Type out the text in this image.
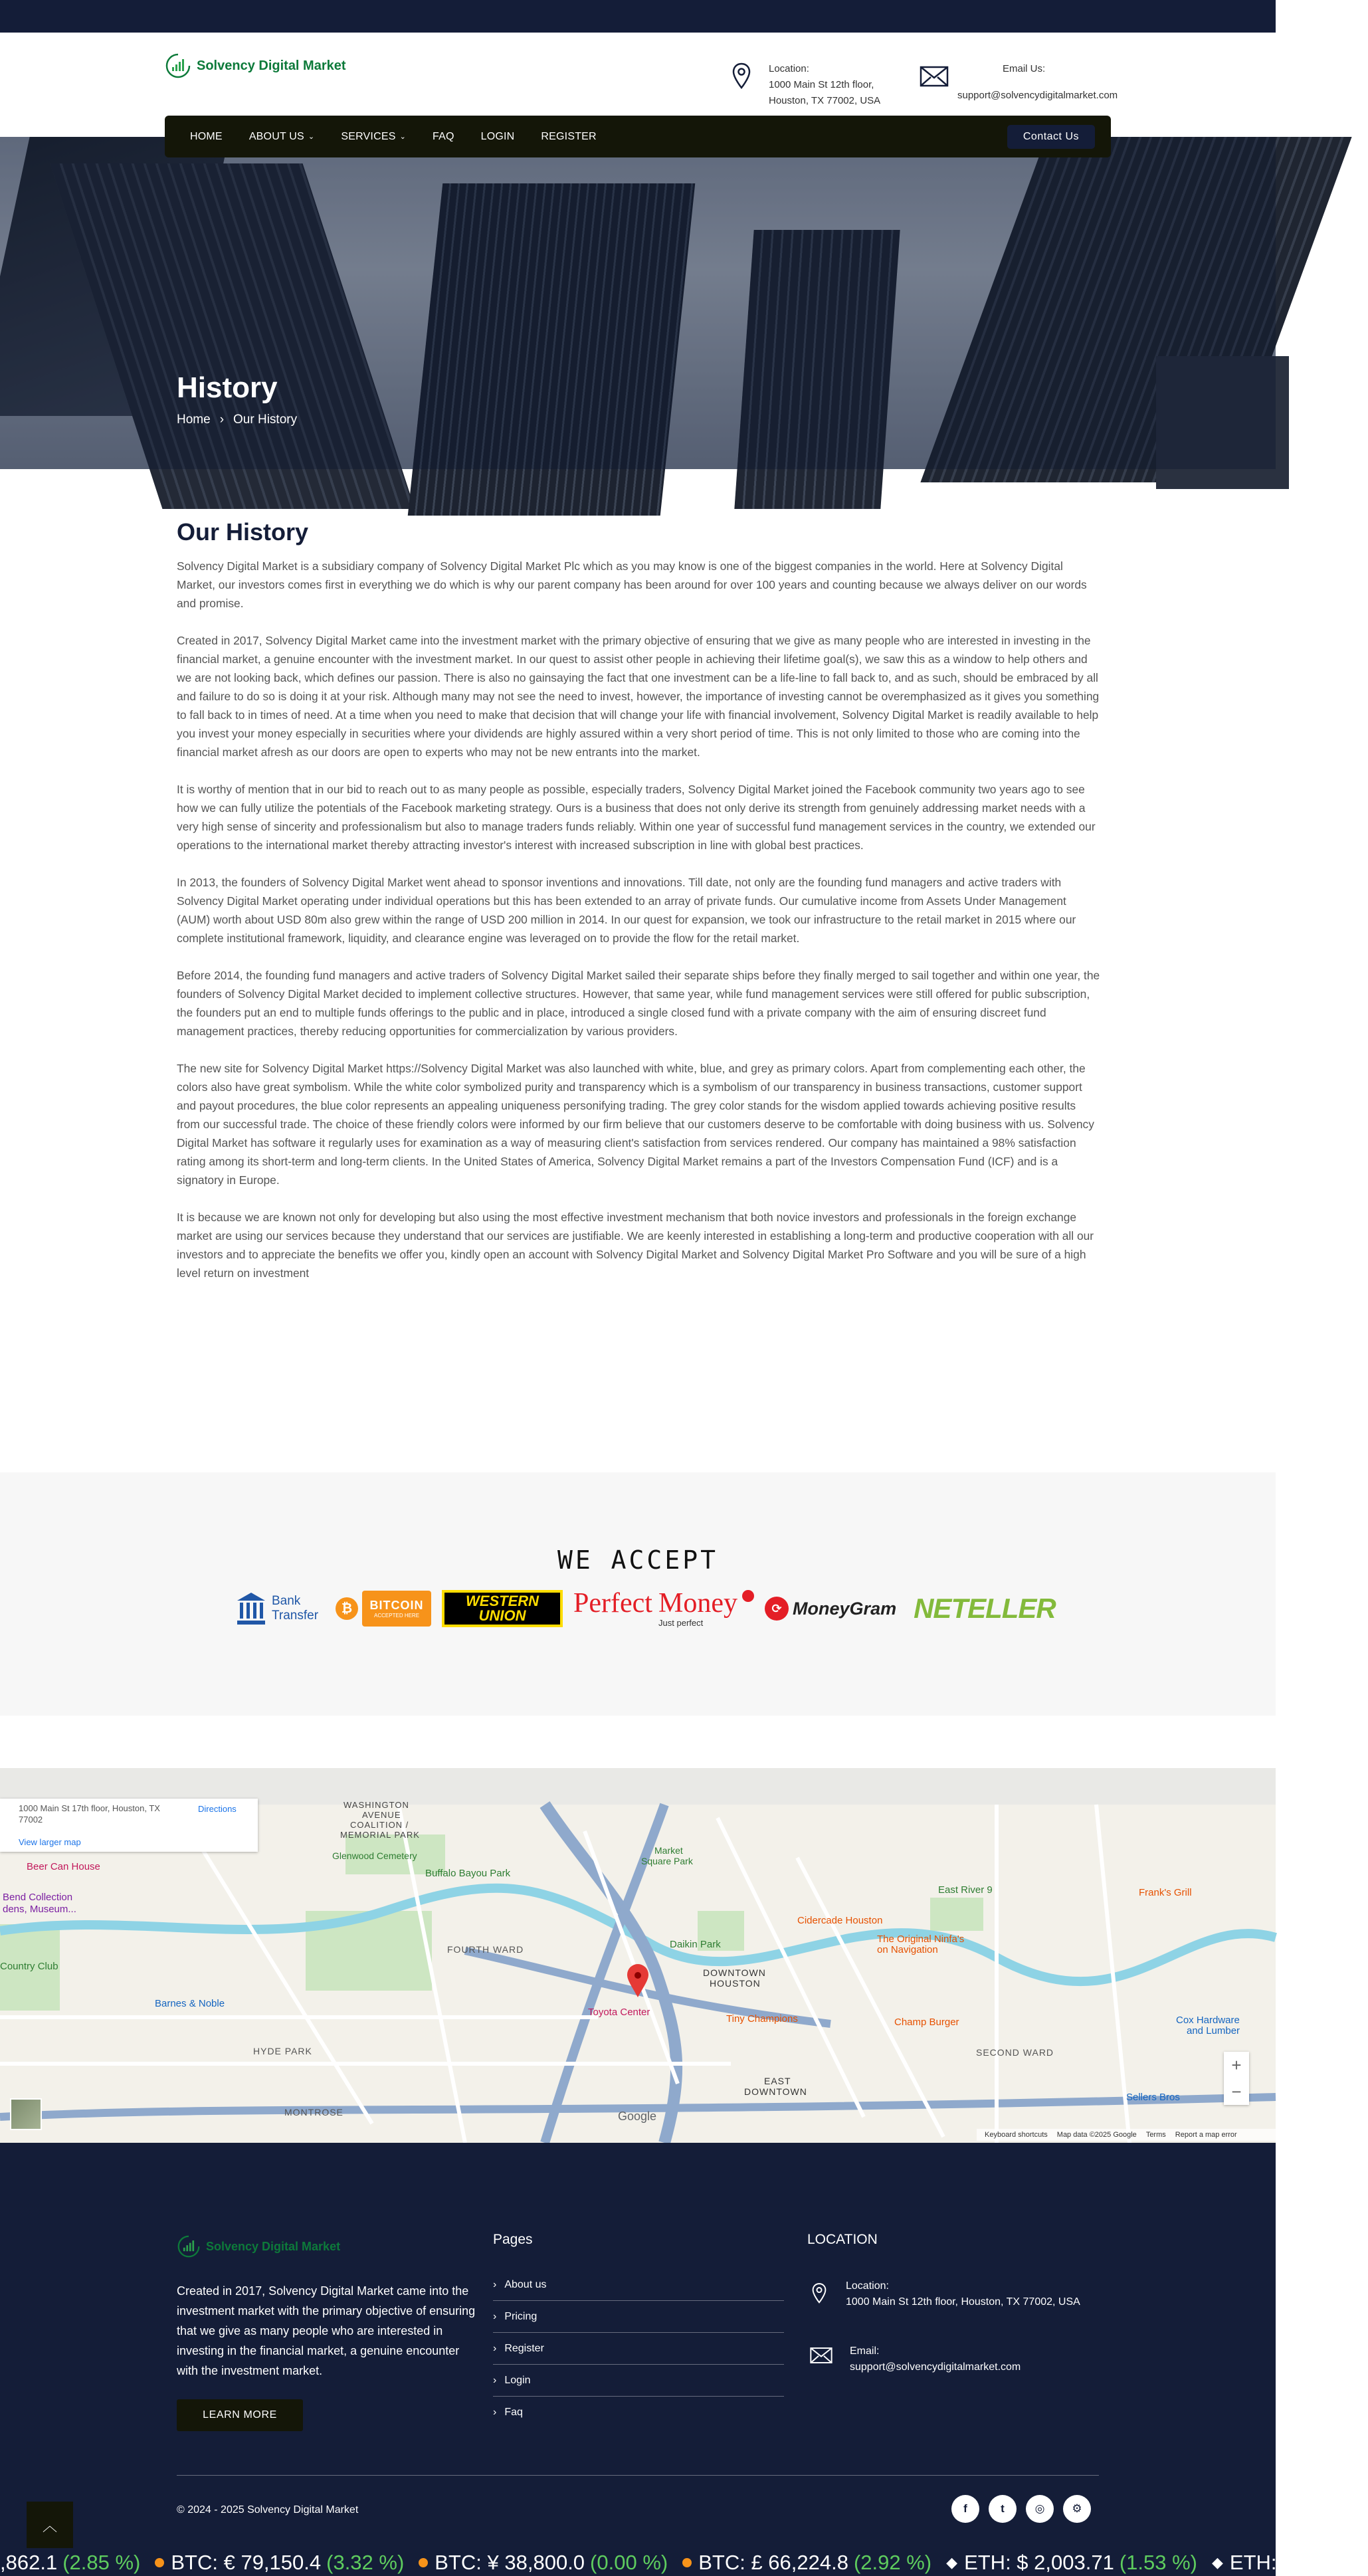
Solvency Digital Market	Location:
1000 Main St 12th floor,
Houston, TX 77002, USA
Email Us:
support@solvencydigitalmarket.com
HOME	ABOUT US ⌄	SERVICES ⌄	FAQ	LOGIN	REGISTER	Contact Us
History
Home › Our History
Our History

Solvency Digital Market is a subsidiary company of Solvency Digital Market Plc which as you may know is one of the biggest companies in the world. Here at Solvency Digital Market, our investors comes first in everything we do which is why our parent company has been around for over 100 years and counting because we always deliver on our words and promise.

Created in 2017, Solvency Digital Market came into the investment market with the primary objective of ensuring that we give as many people who are interested in investing in the financial market, a genuine encounter with the investment market. In our quest to assist other people in achieving their lifetime goal(s), we saw this as a window to help others and we are not looking back, which defines our passion. There is also no gainsaying the fact that one investment can be a life-line to fall back to, and as such, should be embraced by all and failure to do so is doing it at your risk. Although many may not see the need to invest, however, the importance of investing cannot be overemphasized as it gives you something to fall back to in times of need. At a time when you need to make that decision that will change your life with financial involvement, Solvency Digital Market is readily available to help you invest your money especially in securities where your dividends are highly assured within a very short period of time. This is not only limited to those who are coming into the financial market afresh as our doors are open to experts who may not be new entrants into the market.

It is worthy of mention that in our bid to reach out to as many people as possible, especially traders, Solvency Digital Market joined the Facebook community two years ago to see how we can fully utilize the potentials of the Facebook marketing strategy. Ours is a business that does not only derive its strength from genuinely addressing market needs with a very high sense of sincerity and professionalism but also to manage traders funds reliably. Within one year of successful fund management services in the country, we extended our operations to the international market thereby attracting investor's interest with increased subscription in line with global best practices.

In 2013, the founders of Solvency Digital Market went ahead to sponsor inventions and innovations. Till date, not only are the founding fund managers and active traders with Solvency Digital Market operating under individual operations but this has been extended to an array of private funds. Our cumulative income from Assets Under Management (AUM) worth about USD 80m also grew within the range of USD 200 million in 2014. In our quest for expansion, we took our infrastructure to the retail market in 2015 where our complete institutional framework, liquidity, and clearance engine was leveraged on to provide the flow for the retail market.

Before 2014, the founding fund managers and active traders of Solvency Digital Market sailed their separate ships before they finally merged to sail together and within one year, the founders of Solvency Digital Market decided to implement collective structures. However, that same year, while fund management services were still offered for public subscription, the founders put an end to multiple funds offerings to the public and in place, introduced a single closed fund with a private company with the aim of ensuring discreet fund management practices, thereby reducing opportunities for commercialization by various providers.

The new site for Solvency Digital Market https://Solvency Digital Market was also launched with white, blue, and grey as primary colors. Apart from complementing each other, the colors also have great symbolism. While the white color symbolized purity and transparency which is a symbolism of our transparency in business transactions, customer support and payout procedures, the blue color represents an appealing uniqueness personifying trading. The grey color stands for the wisdom applied towards achieving positive results from our successful trade. The choice of these friendly colors were informed by our firm believe that our customers deserve to be comfortable with doing business with us. Solvency Digital Market has software it regularly uses for examination as a way of measuring client's satisfaction from services rendered. Our company has maintained a 98% satisfaction rating among its short-term and long-term clients. In the United States of America, Solvency Digital Market remains a part of the Investors Compensation Fund (ICF) and is a signatory in Europe.

It is because we are known not only for developing but also using the most effective investment mechanism that both novice investors and professionals in the foreign exchange market are using our services because they understand that our services are justifiable. We are keenly interested in establishing a long-term and productive cooperation with all our investors and to appreciate the benefits we offer you, kindly open an account with Solvency Digital Market and Solvency Digital Market Pro Software and you will be sure of a high level return on investment

WE ACCEPT
Bank
Transfer	₿	BITCOIN
ACCEPTED HERE
WESTERN
UNION Perfect Money
Just perfect
⟳ MoneyGram NETELLER
WASHINGTON
AVENUE
COALITION /
MEMORIAL PARK
Glenwood Cemetery
Buffalo Bayou Park
Beer Can House
Bend Collection
dens, Museum...
Country Club
Barnes & Noble
FOURTH WARD
HYDE PARK
MONTROSE
Market
Square Park
Daikin Park
DOWNTOWN
HOUSTON
Toyota Center
Tiny Champions
Cidercade Houston
The Original Ninfa's
on Navigation
EAST
DOWNTOWN
SECOND WARD
Champ Burger
East River 9	Frank's Grill
Cox Hardware
and Lumber
Sellers Bros
Google
Keyboard shortcuts Map data ©2025 Google Terms Report a map error
+
−
1000 Main St 17th floor, Houston, TX 77002
Directions
View larger map
Solvency Digital Market
Created in 2017, Solvency Digital Market came into the investment market with the primary objective of ensuring that we give as many people who are interested in investing in the financial market, a genuine encounter with the investment market.
LEARN MORE
Pages
› About us
› Pricing
› Register
› Login
› Faq
LOCATION
Location:
1000 Main St 12th floor, Houston, TX 77002, USA
Email:
support@solvencydigitalmarket.com
© 2024 - 2025 Solvency Digital Market	f	t	◎	⚙
︿
,862.1 (2.85 %) BTC: € 79,150.4 (3.32 %) BTC: ¥ 38,800.0 (0.00 %) BTC: £ 66,224.8 (2.92 %) ◆ ETH: $ 2,003.71 (1.53 %) ◆ ETH: € 1,847.0
